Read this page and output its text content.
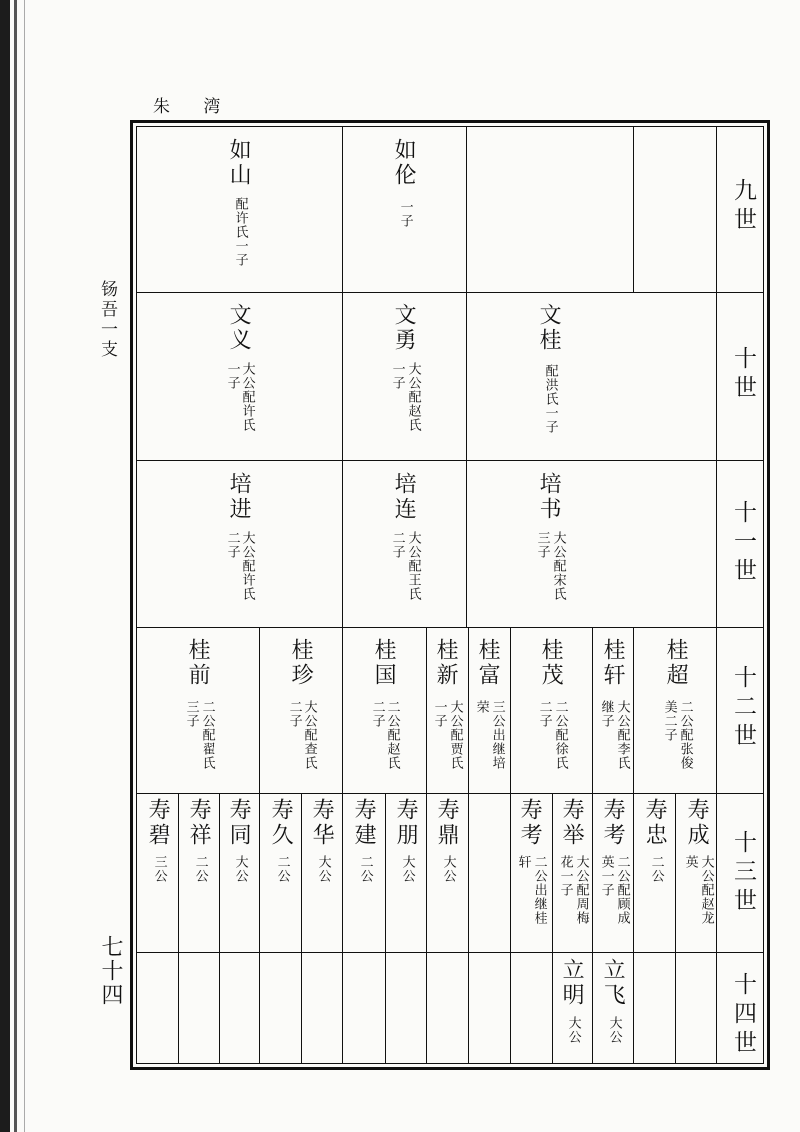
朱 湾
钖吾一支
七十四
九世
十世
十一世
十二世
十三世
十四世
如山
配许氏一子
如伦
一子
文义
大公配许氏
一子
文勇
大公配赵氏
一子
文桂
配洪氏一子
培进
大公配许氏
二子
培连
大公配王氏
二子
培书
大公配宋氏
三子
桂前
二公配翟氏
三子
桂珍
大公配查氏
二子
桂国
二公配赵氏
二子
桂新
大公配贾氏
一子
桂富
三公出继培
荣
桂茂
二公配徐氏
二子
桂轩
大公配李氏
继子
桂超
二公配张俊
美二子
寿碧
三公
寿祥
二公
寿同
大公
寿久
二公
寿华
大公
寿建
二公
寿朋
大公
寿鼎
大公
寿考
二公出继桂
轩
寿举
大公配周梅
花一子
寿考
二公配顾成
英一子
寿忠
二公
寿成
大公配赵龙
英
立明
大公
立飞
大公
